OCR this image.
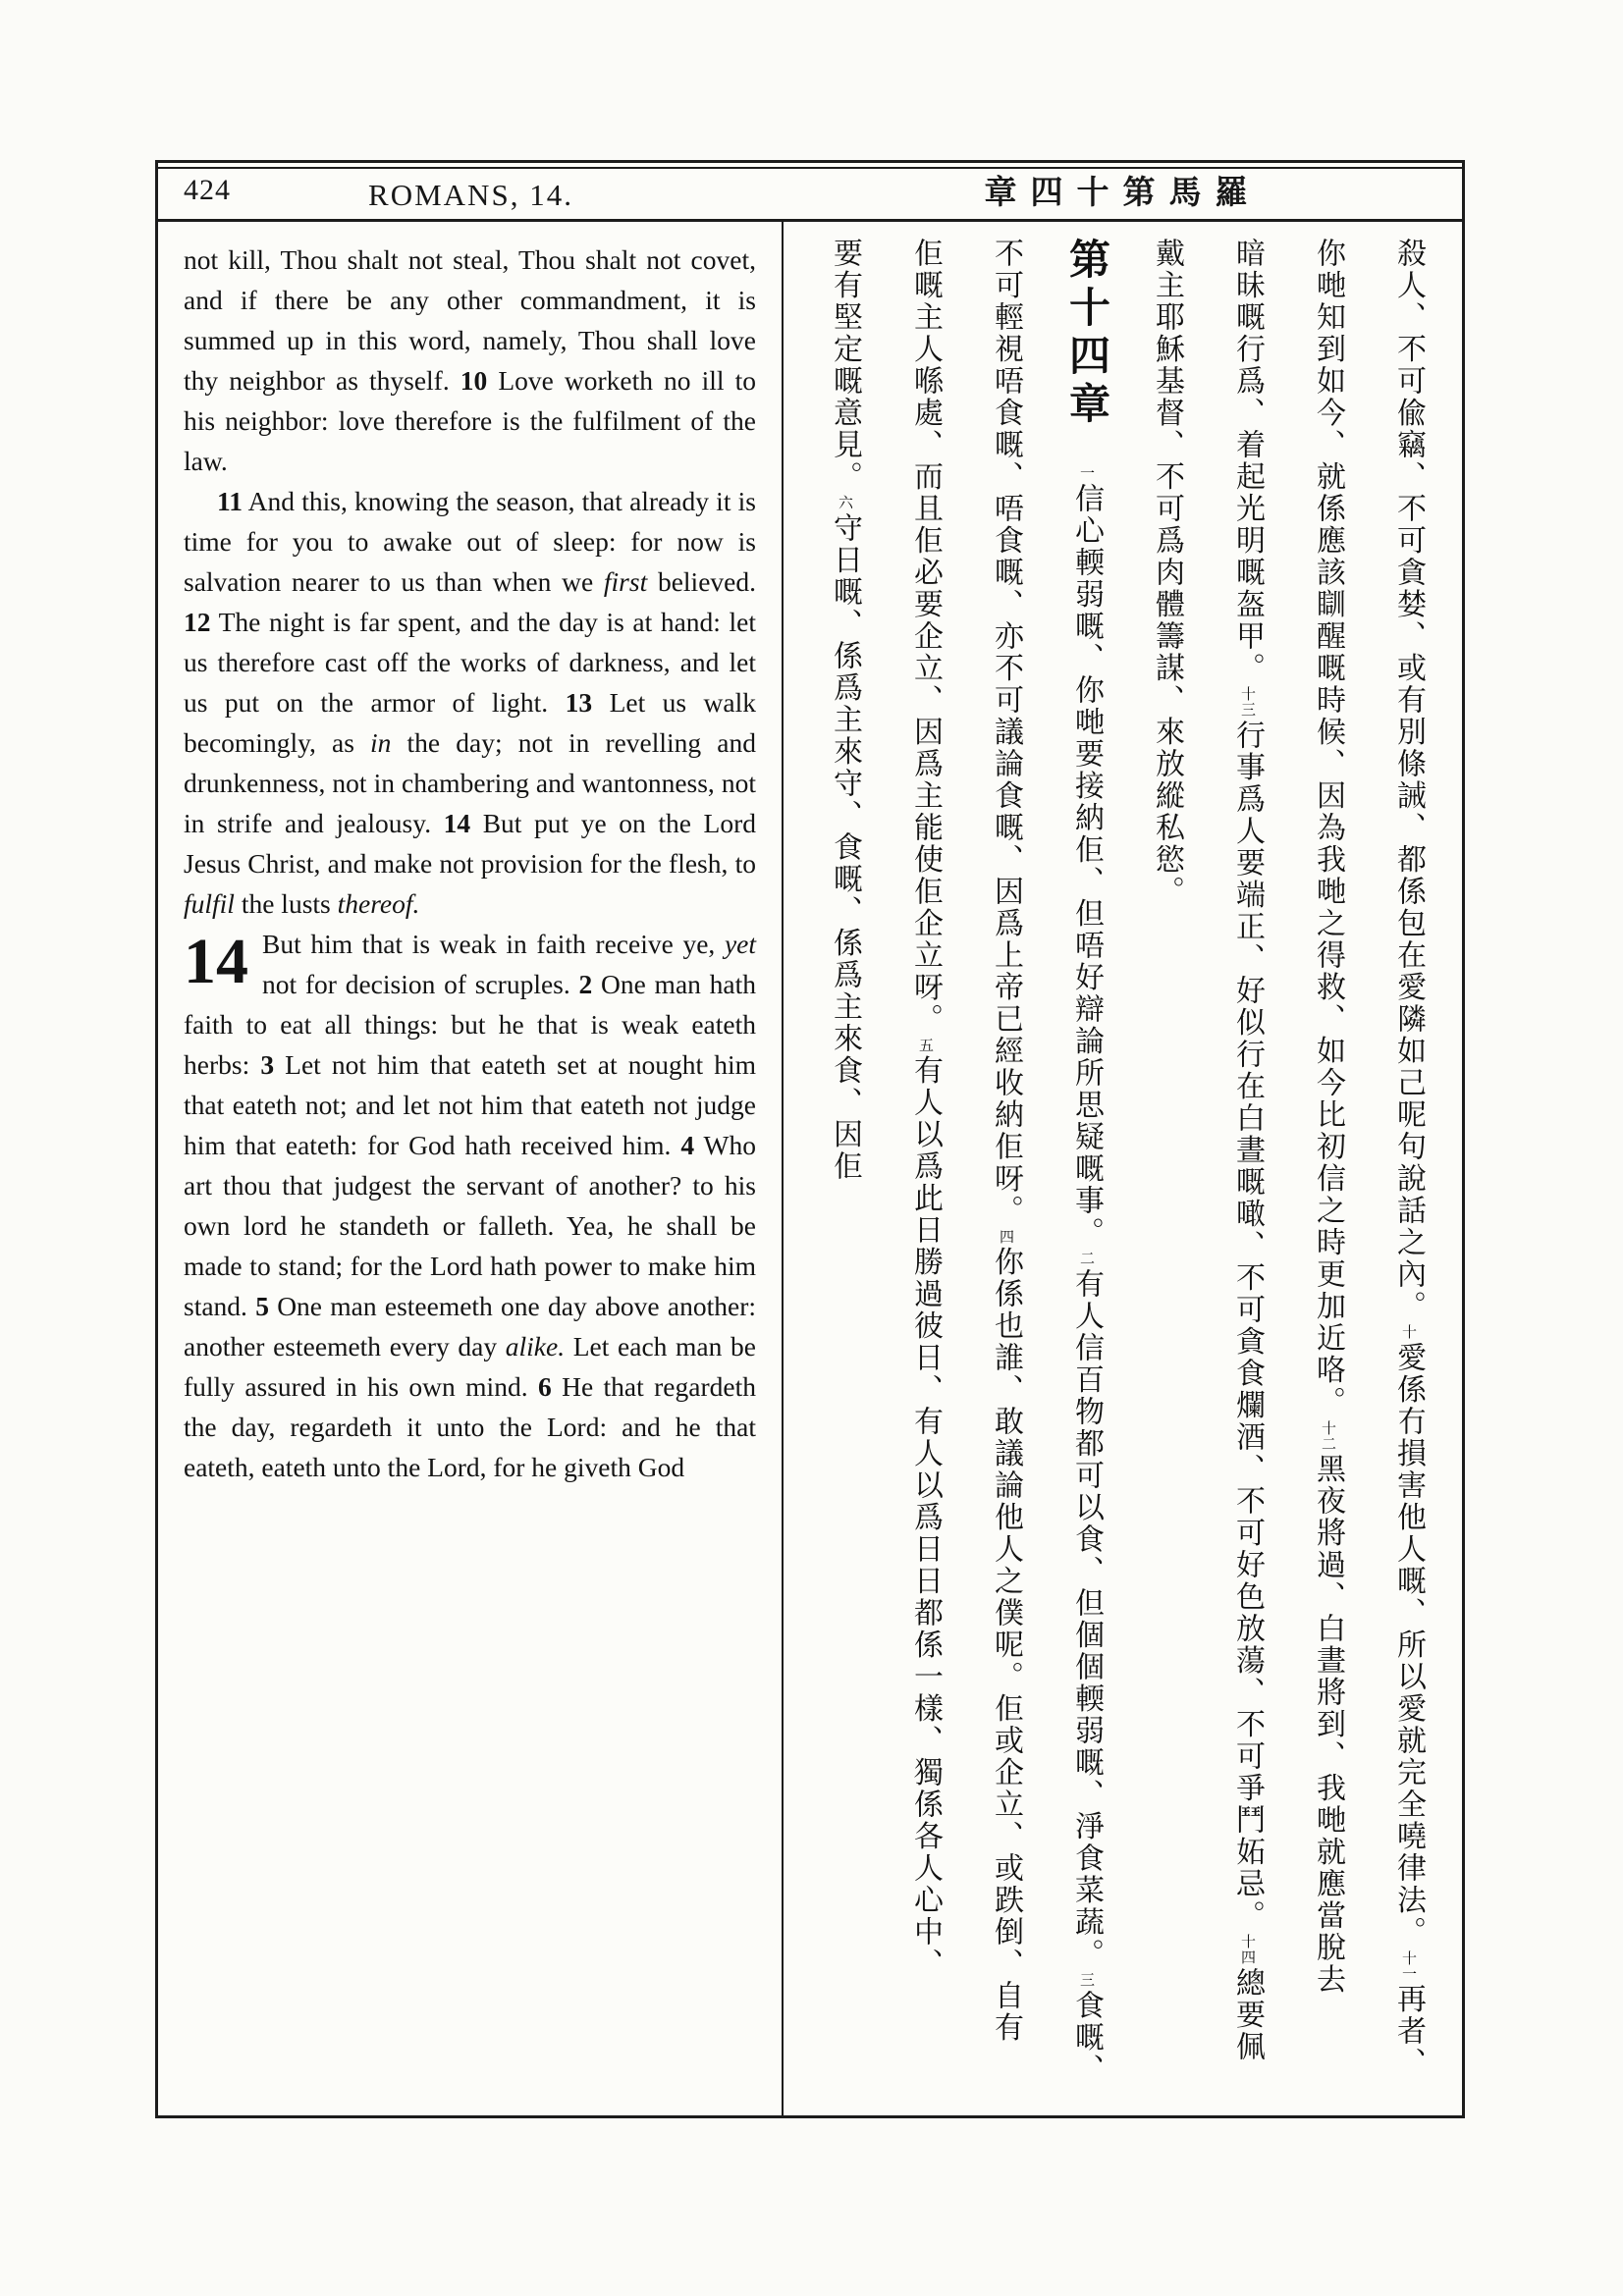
424	ROMANS, 14.	章四十第馬羅

not kill, Thou shalt not steal, Thou shalt not covet, and if there be any other commandment, it is summed up in this word, namely, Thou shall love thy neighbor as thyself. 10 Love worketh no ill to his neighbor: love therefore is the fulfilment of the law.

11 And this, knowing the season, that already it is time for you to awake out of sleep: for now is salvation nearer to us than when we first believed. 12 The night is far spent, and the day is at hand: let us therefore cast off the works of darkness, and let us put on the armor of light. 13 Let us walk becomingly, as in the day; not in revelling and drunkenness, not in chambering and wantonness, not in strife and jealousy. 14 But put ye on the Lord Jesus Christ, and make not provision for the flesh, to fulfil the lusts thereof.

14 But him that is weak in faith receive ye, yet not for decision of scruples. 2 One man hath faith to eat all things: but he that is weak eateth herbs: 3 Let not him that eateth set at nought him that eateth not; and let not him that eateth not judge him that eateth: for God hath received him. 4 Who art thou that judgest the servant of another? to his own lord he standeth or falleth. Yea, he shall be made to stand; for the Lord hath power to make him stand. 5 One man esteemeth one day above another: another esteemeth every day alike. Let each man be fully assured in his own mind. 6 He that regardeth the day, regardeth it unto the Lord: and he that eateth, eateth unto the Lord, for he giveth God

殺人、不可偸竊、不可貪婪、或有別條誡、都係包在愛隣如己呢句說話之內。十愛係冇損害他人嘅、所以愛就完全嘵律法。十一再者、
你哋知到如今、就係應該瞓醒嘅時候、因為我哋之得救、如今比初信之時更加近咯。十二黑夜將過、白晝將到、我哋就應當脫去
暗昧嘅行爲、着起光明嘅盔甲。十三行事爲人要端正、好似行在白晝嘅噉、不可貪食爛酒、不可好色放蕩、不可爭鬥妬忌。十四總要佩
戴主耶穌基督、不可爲肉體籌謀、來放縱私慾。
第十四章一信心輭弱嘅、你哋要接納佢、但唔好辯論所思疑嘅事。二有人信百物都可以食、但個個輭弱嘅、淨食菜蔬。三食嘅、
不可輕視唔食嘅、唔食嘅、亦不可議論食嘅、因爲上帝已經收納佢呀。四你係也誰、敢議論他人之僕呢。佢或企立、或跌倒、自有
佢嘅主人喺處、而且佢必要企立、因爲主能使佢企立呀。五有人以爲此日勝過彼日、有人以爲日日都係一樣、獨係各人心中、
要有堅定嘅意見。六守日嘅、係爲主來守、食嘅、係爲主來食、因佢
